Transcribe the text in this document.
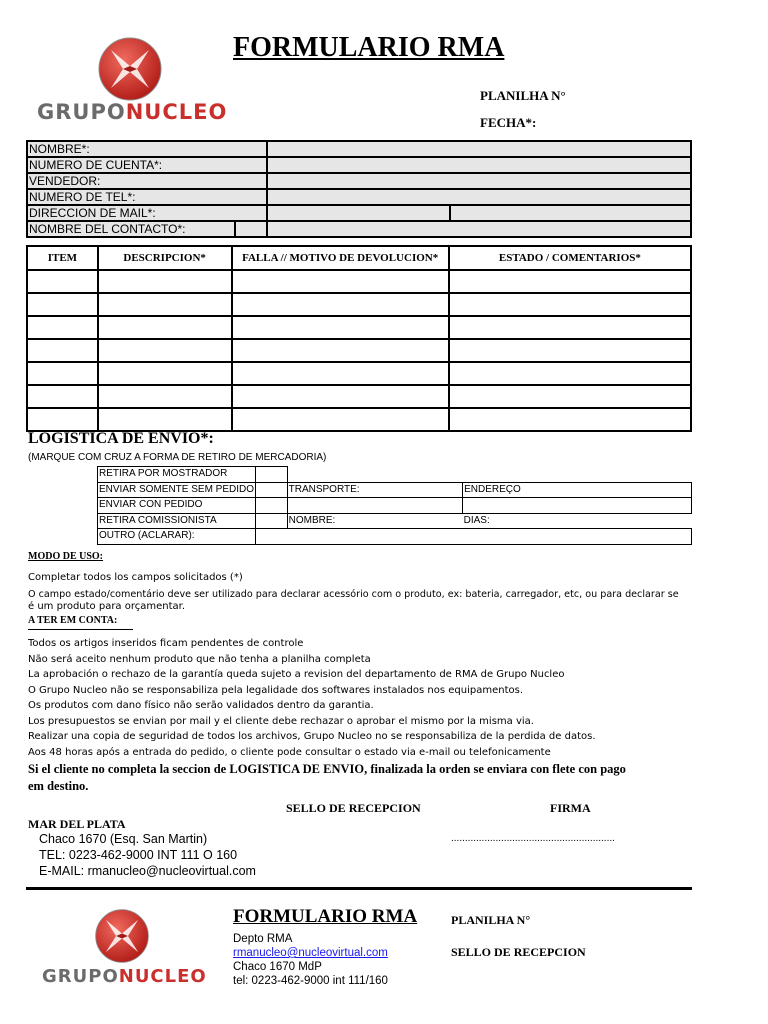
GRUPONUCLEO
FORMULARIO RMA
PLANILHA N°
FECHA*:
NOMBRE*:			
NUMERO DE CUENTA*:			
VENDEDOR:			
NUMERO DE TEL*:			
DIRECCION DE MAIL*:			
NOMBRE DEL CONTACTO*:			
ITEM	DESCRIPCION*	FALLA // MOTIVO DE DEVOLUCION*	ESTADO / COMENTARIOS*

LOGISTICA DE ENVIO*:
(MARQUE COM CRUZ A FORMA DE RETIRO DE MERCADORIA)
RETIRA POR MOSTRADOR			
ENVIAR SOMENTE SEM PEDIDO		TRANSPORTE:	ENDEREÇO
ENVIAR CON PEDIDO			
RETIRA COMISSIONISTA		NOMBRE:	DIAS:
OUTRO (ACLARAR):			
MODO DE USO:
Completar todos los campos solicitados (*)
O campo estado/comentário deve ser utilizado para declarar acessório com o produto, ex: bateria, carregador, etc, ou para declarar se
é um produto para orçamentar.
A TER EM CONTA:
Todos os artigos inseridos ficam pendentes de controle
Não será aceito nenhum produto que não tenha a planilha completa
La aprobación o rechazo de la garantía queda sujeto a revision del departamento de RMA de Grupo Nucleo
O Grupo Nucleo não se responsabiliza pela legalidade dos softwares instalados nos equipamentos.
Os produtos com dano físico não serão validados dentro da garantia.
Los presupuestos se envian por mail y el cliente debe rechazar o aprobar el mismo por la misma via.
Realizar una copia de seguridad de todos los archivos, Grupo Nucleo no se responsabiliza de la perdida de datos.
Aos 48 horas após a entrada do pedido, o cliente pode consultar o estado via e-mail ou telefonicamente
Si el cliente no completa la seccion de LOGISTICA DE ENVIO, finalizada la orden se enviara con flete con pago
em destino.
SELLO DE RECEPCION	FIRMA
MAR DEL PLATA
Chaco 1670 (Esq. San Martin)
TEL: 0223-462-9000 INT 111 O 160
E-MAIL: rmanucleo@nucleovirtual.com
...........................................................
GRUPONUCLEO
FORMULARIO RMA	PLANILHA N°
SELLO DE RECEPCION
Depto RMA
rmanucleo@nucleovirtual.com
Chaco 1670 MdP
tel: 0223-462-9000 int 111/160
